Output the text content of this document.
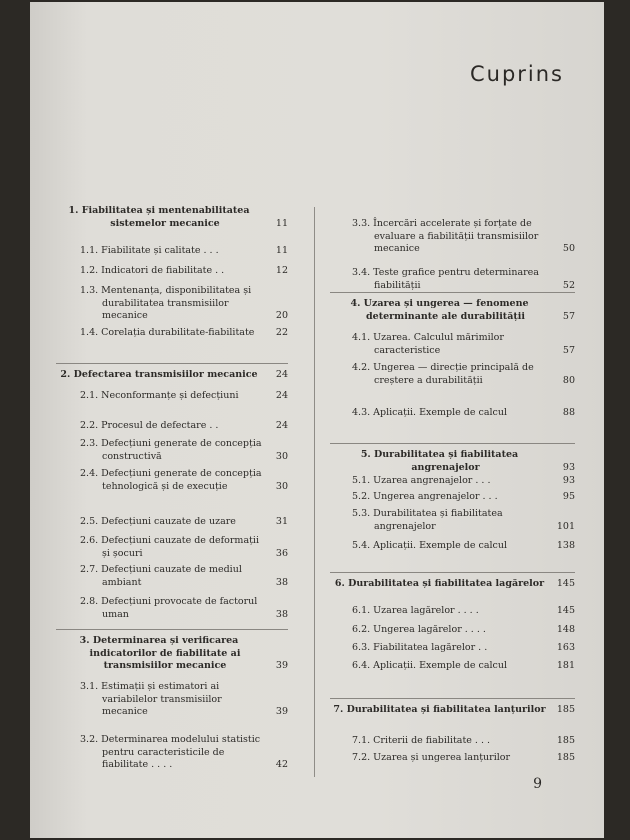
Cuprins
1. Fiabilitatea și mentenabilitatea sistemelor mecanice	11
1.1. Fiabilitate și calitate . . .	11
1.2. Indicatori de fiabilitate . .	12
1.3. Mentenanța, disponibilitatea și durabilitatea transmisiilor mecanice	20
1.4. Corelația durabilitate-fiabilitate	22
2. Defectarea transmisiilor mecanice	24
2.1. Neconformanțe și defecțiuni	24
2.2. Procesul de defectare . .	24
2.3. Defecțiuni generate de concepția constructivă	30
2.4. Defecțiuni generate de concepția tehnologică și de execuție	30
2.5. Defecțiuni cauzate de uzare	31
2.6. Defecțiuni cauzate de deformații și șocuri	36
2.7. Defecțiuni cauzate de mediul ambiant	38
2.8. Defecțiuni provocate de factorul uman	38
3. Determinarea și verificarea indicatorilor de fiabilitate ai transmisiilor mecanice	39
3.1. Estimații și estimatori ai variabilelor transmisiilor mecanice	39
3.2. Determinarea modelului statistic pentru caracteristicile de fiabilitate . . . .	42
3.3. Încercări accelerate și forțate de evaluare a fiabilității transmisiilor mecanice	50
3.4. Teste grafice pentru determinarea fiabilității	52
4. Uzarea și ungerea — fenomene determinante ale durabilității	57
4.1. Uzarea. Calculul mărimilor caracteristice	57
4.2. Ungerea — direcție principală de creștere a durabilității	80
4.3. Aplicații. Exemple de calcul	88
5. Durabilitatea și fiabilitatea angrenajelor	93
5.1. Uzarea angrenajelor . . .	93
5.2. Ungerea angrenajelor . . .	95
5.3. Durabilitatea și fiabilitatea angrenajelor	101
5.4. Aplicații. Exemple de calcul	138
6. Durabilitatea și fiabilitatea lagărelor	145
6.1. Uzarea lagărelor . . . .	145
6.2. Ungerea lagărelor . . . .	148
6.3. Fiabilitatea lagărelor . .	163
6.4. Aplicații. Exemple de calcul	181
7. Durabilitatea și fiabilitatea lanțurilor	185
7.1. Criterii de fiabilitate . . .	185
7.2. Uzarea și ungerea lanțurilor	185
9
